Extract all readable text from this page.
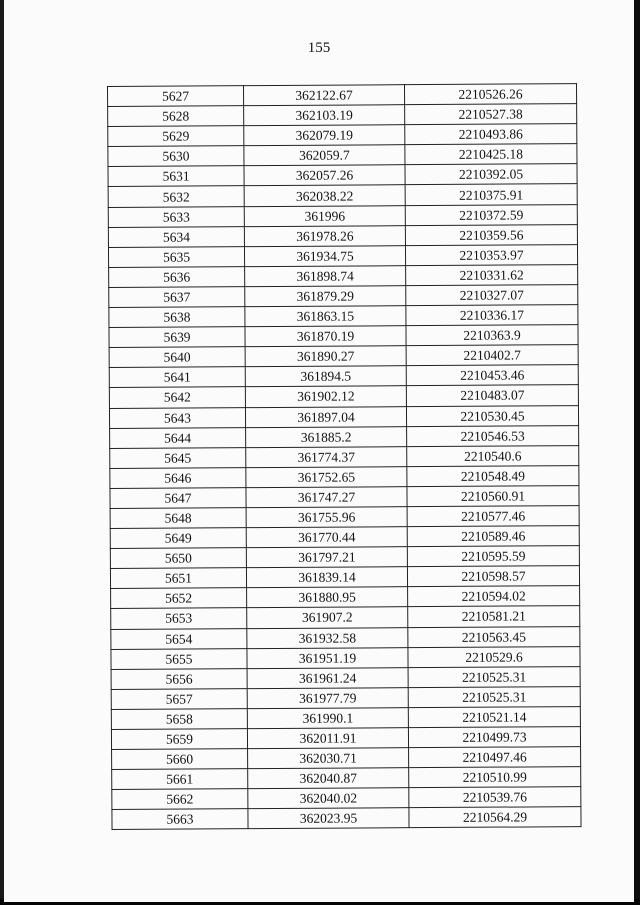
155
5627	362122.67	2210526.26
5628	362103.19	2210527.38
5629	362079.19	2210493.86
5630	362059.7	2210425.18
5631	362057.26	2210392.05
5632	362038.22	2210375.91
5633	361996	2210372.59
5634	361978.26	2210359.56
5635	361934.75	2210353.97
5636	361898.74	2210331.62
5637	361879.29	2210327.07
5638	361863.15	2210336.17
5639	361870.19	2210363.9
5640	361890.27	2210402.7
5641	361894.5	2210453.46
5642	361902.12	2210483.07
5643	361897.04	2210530.45
5644	361885.2	2210546.53
5645	361774.37	2210540.6
5646	361752.65	2210548.49
5647	361747.27	2210560.91
5648	361755.96	2210577.46
5649	361770.44	2210589.46
5650	361797.21	2210595.59
5651	361839.14	2210598.57
5652	361880.95	2210594.02
5653	361907.2	2210581.21
5654	361932.58	2210563.45
5655	361951.19	2210529.6
5656	361961.24	2210525.31
5657	361977.79	2210525.31
5658	361990.1	2210521.14
5659	362011.91	2210499.73
5660	362030.71	2210497.46
5661	362040.87	2210510.99
5662	362040.02	2210539.76
5663	362023.95	2210564.29
